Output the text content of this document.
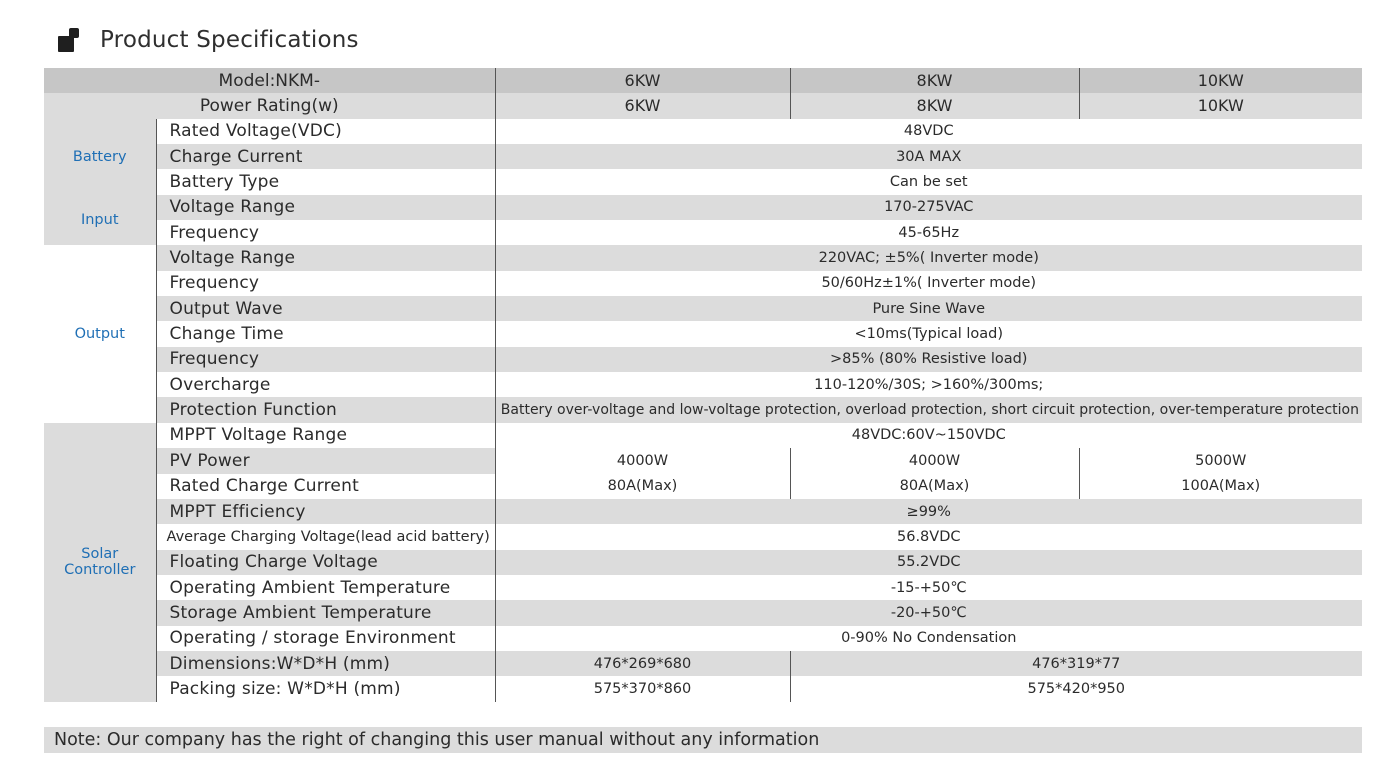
Product Specifications
Model:NKM-		6KW	8KW	10KW
Power Rating(w)		6KW	8KW	10KW
Battery	Rated Voltage(VDC)	48VDC		
	Charge Current	30A MAX		
	Battery Type	Can be set		
Input	Voltage Range	170-275VAC		
	Frequency	45-65Hz		
Output	Voltage Range	220VAC; ±5%( Inverter mode)		
	Frequency	50/60Hz±1%( Inverter mode)		
	Output Wave	Pure Sine Wave		
	Change Time	<10ms(Typical load)		
	Frequency	>85% (80% Resistive load)		
	Overcharge	110-120%/30S; >160%/300ms;		
	Protection Function	Battery over-voltage and low-voltage protection, overload protection, short circuit protection, over-temperature protection		

Solar
Controller	MPPT Voltage Range	48VDC:60V~150VDC		
	PV Power	4000W	4000W	5000W
	Rated Charge Current	80A(Max)	80A(Max)	100A(Max)
	MPPT Efficiency	≥99%		
	Average Charging Voltage(lead acid battery)	56.8VDC		
	Floating Charge Voltage	55.2VDC		
	Operating Ambient Temperature	-15-+50℃		
	Storage Ambient Temperature	-20-+50℃		
	Operating / storage Environment	0-90% No Condensation		
	Dimensions:W*D*H (mm)	476*269*680	476*319*77	
	Packing size: W*D*H (mm)	575*370*860	575*420*950	
Note: Our company has the right of changing this user manual without any information
